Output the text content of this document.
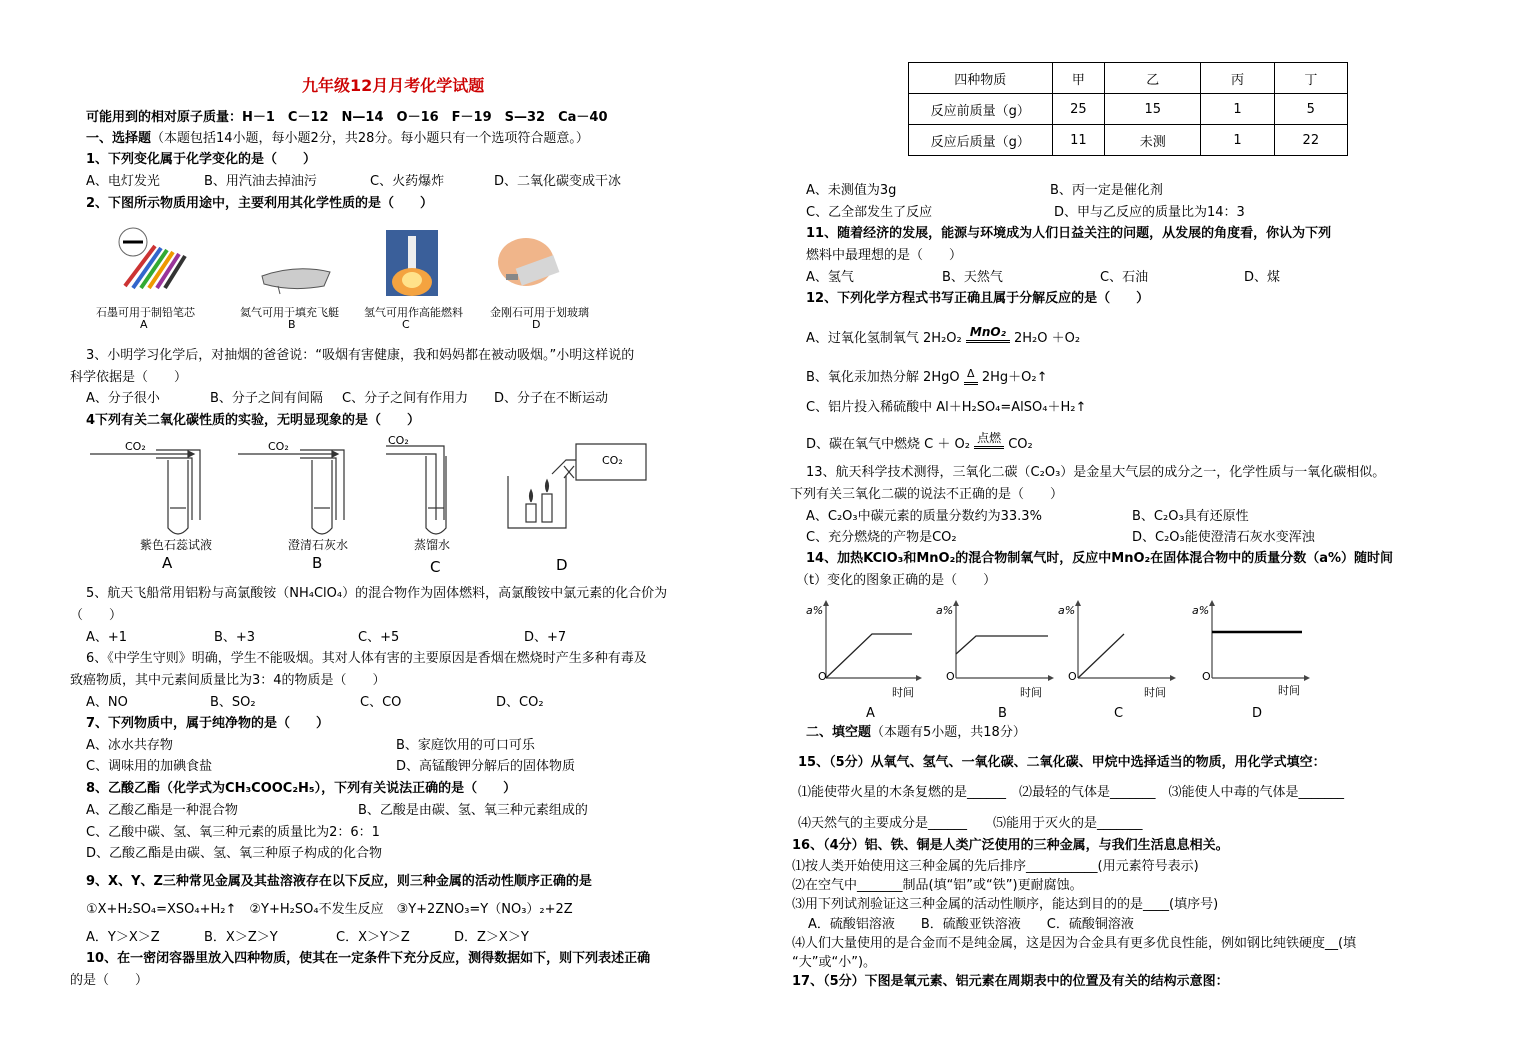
九年级12月月考化学试题
可能用到的相对原子质量：H－1　C－12　N—14　O－16　F－19　S—32　Ca－40
一、选择题（本题包括14小题，每小题2分，共28分。每小题只有一个选项符合题意。）
1、下列变化属于化学变化的是（　　）
A、电灯发光	B、用汽油去掉油污	C、火药爆炸	D、二氧化碳变成干冰
2、下图所示物质用途中，主要利用其化学性质的是（　　）
石墨可用于制铅笔芯	氦气可用于填充飞艇 氢气可用作高能燃料 金刚石可用于划玻璃
A	B	C	D
3、小明学习化学后，对抽烟的爸爸说：“吸烟有害健康，我和妈妈都在被动吸烟。”小明这样说的
科学依据是（　　）
A、分子很小	B、分子之间有间隔 C、分子之间有作用力 D、分子在不断运动
4下列有关二氧化碳性质的实验，无明显现象的是（　　）
CO₂	CO₂	CO₂
CO₂
紫色石蕊试液	澄清石灰水	蒸馏水
A	B	C	D
5、航天飞船常用铝粉与高氯酸铵（NH₄ClO₄）的混合物作为固体燃料，高氯酸铵中氯元素的化合价为
（　　）
A、+1	B、+3	C、+5	D、+7
6、《中学生守则》明确，学生不能吸烟。其对人体有害的主要原因是香烟在燃烧时产生多种有毒及
致癌物质，其中元素间质量比为3：4的物质是（　　）
A、NO	B、SO₂	C、CO	D、CO₂
7、下列物质中，属于纯净物的是（　　）
A、冰水共存物	B、家庭饮用的可口可乐
C、调味用的加碘食盐	D、高锰酸钾分解后的固体物质
8、乙酸乙酯（化学式为CH₃COOC₂H₅），下列有关说法正确的是（　　）
A、乙酸乙酯是一种混合物	B、乙酸是由碳、氢、氧三种元素组成的
C、乙酸中碳、氢、氧三种元素的质量比为2：6：1
D、乙酸乙酯是由碳、氢、氧三种原子构成的化合物
9、X、Y、Z三种常见金属及其盐溶液存在以下反应，则三种金属的活动性顺序正确的是
①X+H₂SO₄=XSO₄+H₂↑　②Y+H₂SO₄不发生反应　③Y+2ZNO₃=Y（NO₃）₂+2Z
A．Y＞X＞Z	B．X＞Z＞Y	C．X＞Y＞Z	D．Z＞X＞Y
10、在一密闭容器里放入四种物质，使其在一定条件下充分反应，测得数据如下，则下列表述正确
的是（　　）
四种物质	甲	乙	丙	丁
反应前质量（g）	25	15	1	5
反应后质量（g）	11	未测	1	22
A、未测值为3g	B、丙一定是催化剂
C、乙全部发生了反应	D、甲与乙反应的质量比为14：3
11、随着经济的发展，能源与环境成为人们日益关注的问题，从发展的角度看，你认为下列
燃料中最理想的是（　　）
A、氢气	B、天然气	C、石油	D、煤
12、下列化学方程式书写正确且属于分解反应的是（　　）
A、过氧化氢制氧气 2H₂O₂ MnO₂ 2H₂O ＋O₂
B、氧化汞加热分解 2HgO Δ 2Hg＋O₂↑
C、铝片投入稀硫酸中 Al＋H₂SO₄=AlSO₄＋H₂↑
D、碳在氧气中燃烧 C ＋ O₂ 点燃 CO₂
13、航天科学技术测得，三氧化二碳（C₂O₃）是金星大气层的成分之一，化学性质与一氧化碳相似。
下列有关三氧化二碳的说法不正确的是（　　）
A、C₂O₃中碳元素的质量分数约为33.3%	B、C₂O₃具有还原性
C、充分燃烧的产物是CO₂	D、C₂O₃能使澄清石灰水变浑浊
14、加热KClO₃和MnO₂的混合物制氧气时，反应中MnO₂在固体混合物中的质量分数（a%）随时间
（t）变化的图象正确的是（　　）
a%	a%	a%	a%
O	O	O	O
时间	时间	时间	时间
A	B	C	D
二、填空题（本题有5小题，共18分）
15、（5分）从氧气、氢气、一氧化碳、二氧化碳、甲烷中选择适当的物质，用化学式填空：
⑴能使带火星的木条复燃的是______　⑵最轻的气体是_______　⑶能使人中毒的气体是_______
⑷天然气的主要成分是______　　⑸能用于灭火的是_______
16、（4分）铝、铁、铜是人类广泛使用的三种金属，与我们生活息息相关。
⑴按人类开始使用这三种金属的先后排序___________(用元素符号表示)
⑵在空气中_______制品(填“铝”或“铁”)更耐腐蚀。
⑶用下列试剂验证这三种金属的活动性顺序，能达到目的的是____(填序号)
A．硫酸铝溶液　　B．硫酸亚铁溶液　　C．硫酸铜溶液
⑷人们大量使用的是合金而不是纯金属，这是因为合金具有更多优良性能，例如钢比纯铁硬度__(填
“大”或“小”)。
17、（5分）下图是氧元素、铝元素在周期表中的位置及有关的结构示意图：
